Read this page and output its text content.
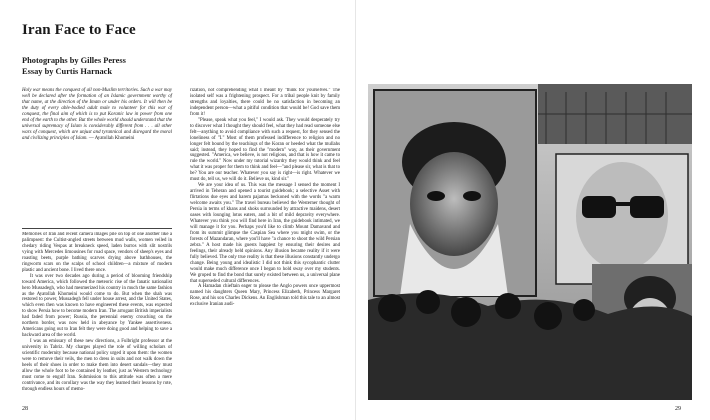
Iran Face to Face
Photographs by Gilles Peress
Essay by Curtis Harnack
Holy war means the conquest of all non-Muslim territories. Such a war may well be declared after the formation of an Islamic government worthy of that name, at the direction of the Imam or under his orders. It will then be the duty of every able-bodied adult male to volunteer for this war of conquest, the final aim of which is to put Koranic law in power from one end of the earth to the other. But the whole world should understand that the universal supremacy of Islam is considerably different from . . . all other wars of conquest, which are unjust and tyrannical and disregard the moral and civilizing principles of Islam. — Ayatollah Khomeini

Memories of Iran and recent camera images pile on top of one another like a palimpsest: the Cultist-angled streets between mud walls, women veiled in chedary riding Vespas at breakneck speed, laden burros with slit nostrils vying with Mercedes limousines for road space, vendors of sheep's eyes and roasting beets, purple bathing scarves drying above bathhouses, the ringworm scars on the scalps of school children—a mixture of modern plastic and ancient bone. I lived there once.

It was over two decades ago during a period of blooming friendship toward America, which followed the meteoric rise of the fanatic nationalist hero Mussadegh, who had mesmerized his country in much the same fashion as the Ayatollah Khomeini would come to do. But when the shah was restored to power, Mussadegh fell under house arrest, and the United States, which even then was known to have engineered these events, was expected to show Persia how to become modern Iran. The arrogant British imperialists had faded from power; Russia, the perennial enemy crouching on the northern border, was now held in abeyance by Yankee assertiveness. Americans going out to Iran felt they were doing good and helping to save a backward area of the world.

I was an emissary of these new directions, a Fulbright professor at the university in Tabriz. My charges played the role of willing scholars of scientific modernity because national policy urged it upon them: the women were to remove their veils, the men to dress in suits and not walk down the heels of their shoes in order to make them into desert sandals—they must allow the whole foot to be contained by leather, just as Western technology must come to engulf Iran. Submission to this attitude was often a mere contrivance, and its corollary was the way they learned their lessons by rote, through endless hours of memo-

rization, not comprehending what I meant by "think for yourselves." The isolated self was a frightening prospect. For a tribal people knit by family strengths and loyalties, there could be no satisfaction in becoming an independent person—what a pitiful condition that would be! God save them from it!

"Please, speak what you feel," I would ask. They would desperately try to discover what I thought they should feel, what they had read someone else felt—anything to avoid compliance with such a request, for they sensed the loneliness of "I." Most of them professed indifference to religion and no longer felt bound by the teachings of the Koran or heeded what the mullahs said; instead, they hoped to find the "modern" way, as their government suggested. "America, we believe, is not religious, and that is how it came to rule the world." Now under my tutorial wizardry they would think and feel what it was proper for them to think and feel—"and please sir, what is that to be? You are our teacher. Whatever you say is right—is right. Whatever we must do, tell us, we will do it. Believe us, kind sir."

We are your idea of us. This was the message I sensed the moment I arrived in Teheran and opened a tourist guidebook; a selective Asset with flirtations due eyes and harem pajamas beckoned with the words "a warm welcome awaits you." The travel bureau believed the Westerner thought of Persia in terms of khans and shoks surrounded by attractive maidens, desert oases with lounging lotus eaters, and a bit of mild depravity everywhere. Whatever you think you will find here in Iran, the guidebook intimated, we will manage it for you. Perhaps you'd like to climb Mount Damavand and from its summit glimpse the Caspian Sea where you might swim, or the forests of Mazandaran, where you'll have "a chance to shoot the wild Persian zebra." A host made his guests happiest by ensuring their desires and feelings, their already held opinions. Any illusion became reality if it were fully believed. The only true reality is that these illusions constantly undergo change. Being young and idealistic I did not think this sycophantic clutter would make much difference once I began to hold sway over my students. We groped to find the bond that surely existed between us, a universal plane that superseded cultural differences.

A Hamadan chieftain eager to please the Anglo powers once uppermost named his daughters Queen Mary, Princess Elizabeth, Princess Margaret Rose, and his son Charles Dickens. An Englishman told this tale to an almost exclusive Iranian audi-

28	29
